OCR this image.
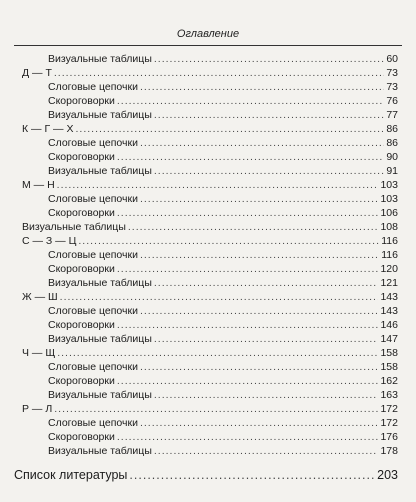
Оглавление
Визуальные таблицы .....	60
Д — Т .....	73
Слоговые цепочки .....	73
Скороговорки .....	76
Визуальные таблицы .....	77
К — Г — Х .....	86
Слоговые цепочки .....	86
Скороговорки .....	90
Визуальные таблицы .....	91
М — Н .....	103
Слоговые цепочки .....	103
Скороговорки .....	106
Визуальные таблицы .....	108
С — З — Ц .....	116
Слоговые цепочки .....	116
Скороговорки .....	120
Визуальные таблицы .....	121
Ж — Ш .....	143
Слоговые цепочки .....	143
Скороговорки .....	146
Визуальные таблицы .....	147
Ч — Щ .....	158
Слоговые цепочки .....	158
Скороговорки .....	162
Визуальные таблицы .....	163
Р — Л .....	172
Слоговые цепочки .....	172
Скороговорки .....	176
Визуальные таблицы .....	178
Список литературы .....	203
